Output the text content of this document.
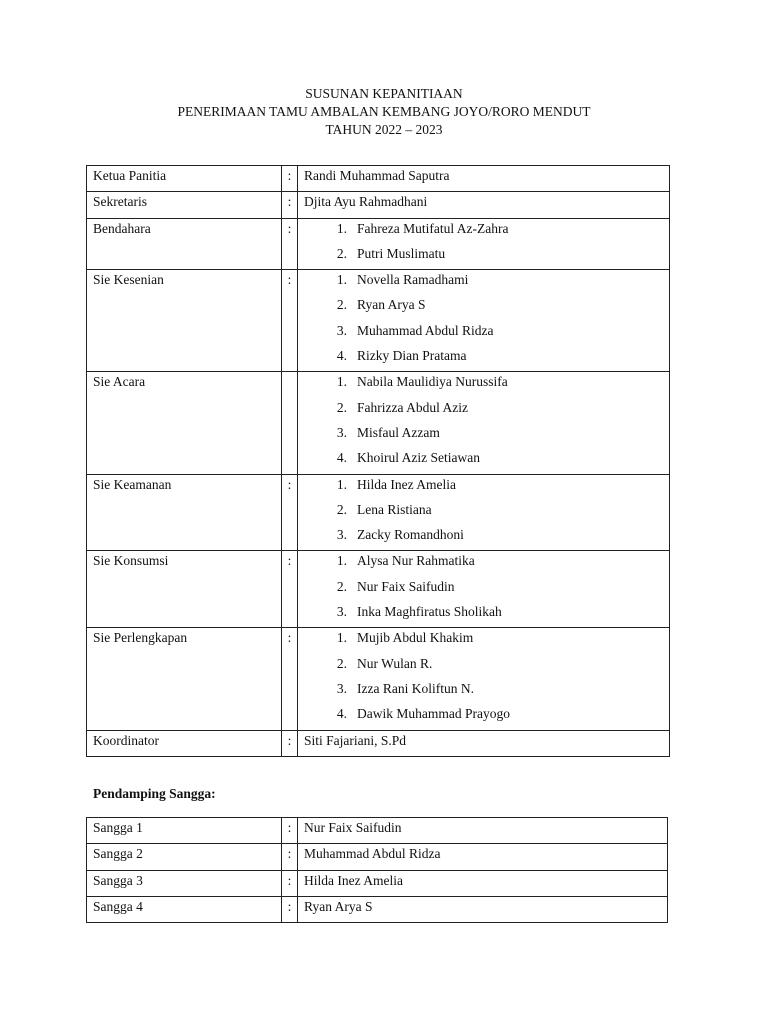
SUSUNAN KEPANITIAAN
PENERIMAAN TAMU AMBALAN KEMBANG JOYO/RORO MENDUT
TAHUN 2022 – 2023
Ketua Panitia	:	Randi Muhammad Saputra

Sekretaris	:	Djita Ayu Rahmadhani

Bendahara	:	1. Fahreza Mutifatul Az-Zahra
2. Putri Muslimatu

Sie Kesenian	:	1. Novella Ramadhami
2. Ryan Arya S
3. Muhammad Abdul Ridza
4. Rizky Dian Pratama

Sie Acara		1. Nabila Maulidiya Nurussifa
2. Fahrizza Abdul Aziz
3. Misfaul Azzam
4. Khoirul Aziz Setiawan

Sie Keamanan	:	1. Hilda Inez Amelia
2. Lena Ristiana
3. Zacky Romandhoni

Sie Konsumsi	:	1. Alysa Nur Rahmatika
2. Nur Faix Saifudin
3. Inka Maghfiratus Sholikah

Sie Perlengkapan	:	1. Mujib Abdul Khakim
2. Nur Wulan R.
3. Izza Rani Koliftun N.
4. Dawik Muhammad Prayogo

Koordinator	:	Siti Fajariani, S.Pd
Pendamping Sangga:
Sangga 1	:	Nur Faix Saifudin

Sangga 2	:	Muhammad Abdul Ridza

Sangga 3	:	Hilda Inez Amelia

Sangga 4	:	Ryan Arya S
